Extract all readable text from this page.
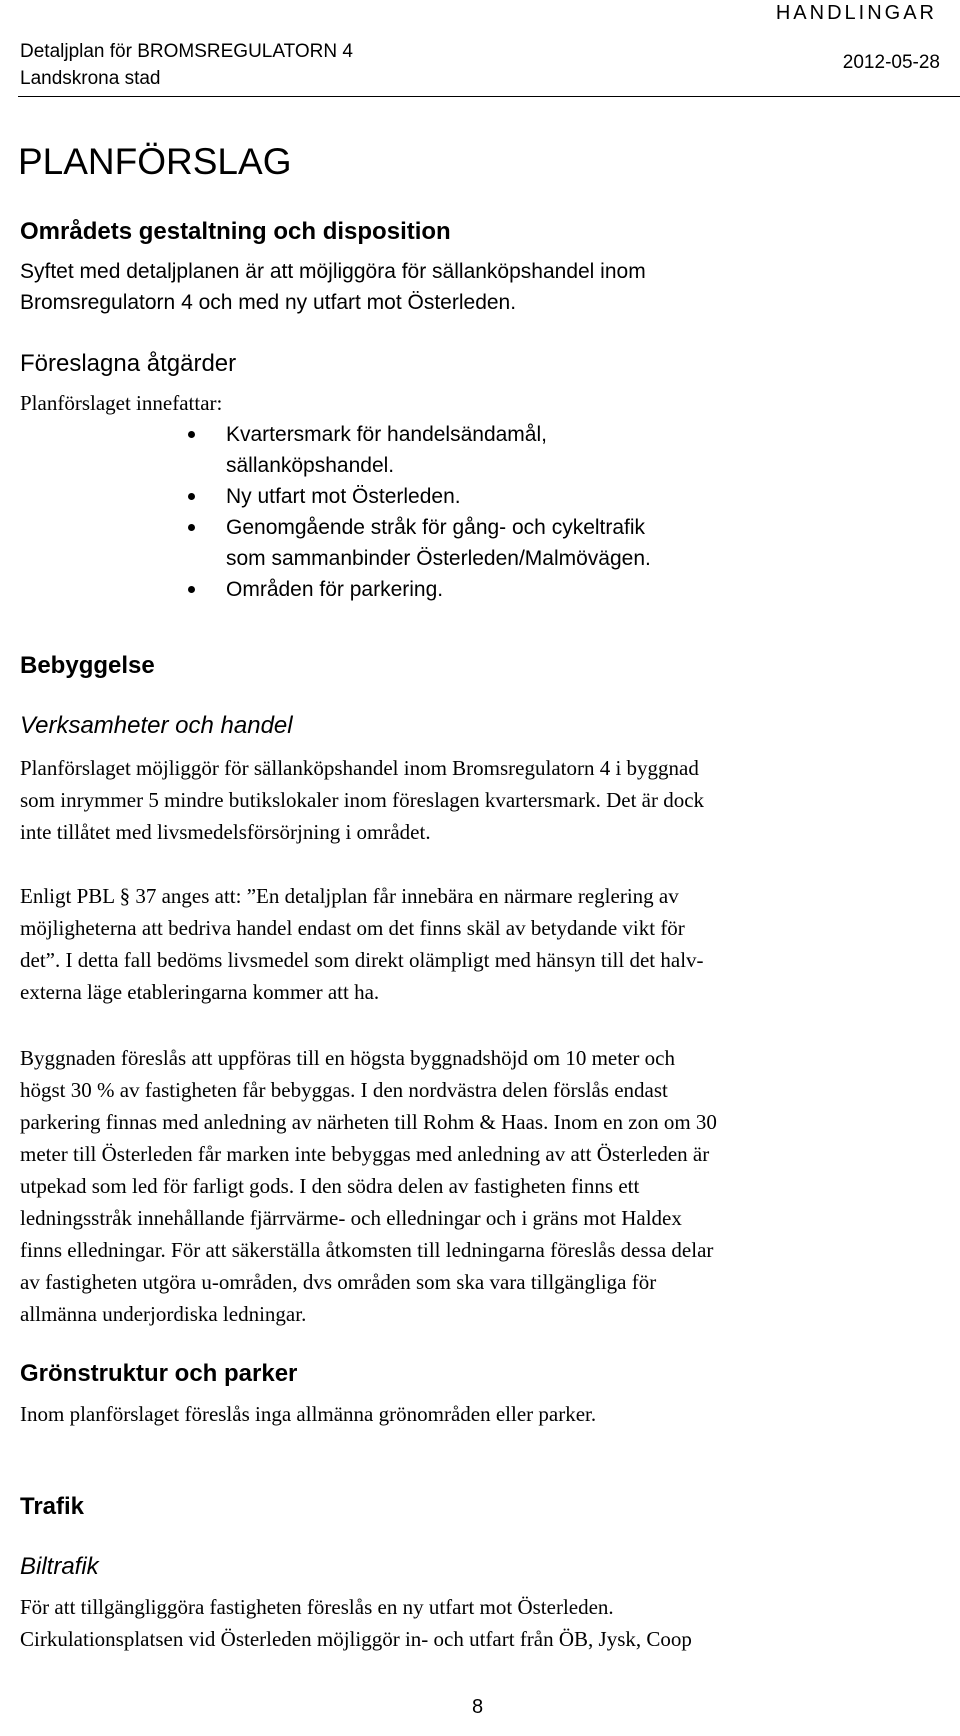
HANDLINGAR
Detaljplan för BROMSREGULATORN 4
Landskrona stad
2012-05-28
PLANFÖRSLAG
Områdets gestaltning och disposition
Syftet med detaljplanen är att möjliggöra för sällanköpshandel inom
Bromsregulatorn 4 och med ny utfart mot Österleden.
Föreslagna åtgärder
Planförslaget innefattar:
Kvartersmark för handelsändamål,
sällanköpshandel.
Ny utfart mot Österleden.
Genomgående stråk för gång- och cykeltrafik
som sammanbinder Österleden/Malmövägen.
Områden för parkering.
Bebyggelse
Verksamheter och handel
Planförslaget möjliggör för sällanköpshandel inom Bromsregulatorn 4 i byggnad
som inrymmer 5 mindre butikslokaler inom föreslagen kvartersmark. Det är dock
inte tillåtet med livsmedelsförsörjning i området.
Enligt PBL § 37 anges att: ”En detaljplan får innebära en närmare reglering av
möjligheterna att bedriva handel endast om det finns skäl av betydande vikt för
det”. I detta fall bedöms livsmedel som direkt olämpligt med hänsyn till det halv-
externa läge etableringarna kommer att ha.
Byggnaden föreslås att uppföras till en högsta byggnadshöjd om 10 meter och
högst 30 % av fastigheten får bebyggas. I den nordvästra delen förslås endast
parkering finnas med anledning av närheten till Rohm & Haas. Inom en zon om 30
meter till Österleden får marken inte bebyggas med anledning av att Österleden är
utpekad som led för farligt gods. I den södra delen av fastigheten finns ett
ledningsstråk innehållande fjärrvärme- och elledningar och i gräns mot Haldex
finns elledningar. För att säkerställa åtkomsten till ledningarna föreslås dessa delar
av fastigheten utgöra u-områden, dvs områden som ska vara tillgängliga för
allmänna underjordiska ledningar.
Grönstruktur och parker
Inom planförslaget föreslås inga allmänna grönområden eller parker.
Trafik
Biltrafik
För att tillgängliggöra fastigheten föreslås en ny utfart mot Österleden.
Cirkulationsplatsen vid Österleden möjliggör in- och utfart från ÖB, Jysk, Coop
8
